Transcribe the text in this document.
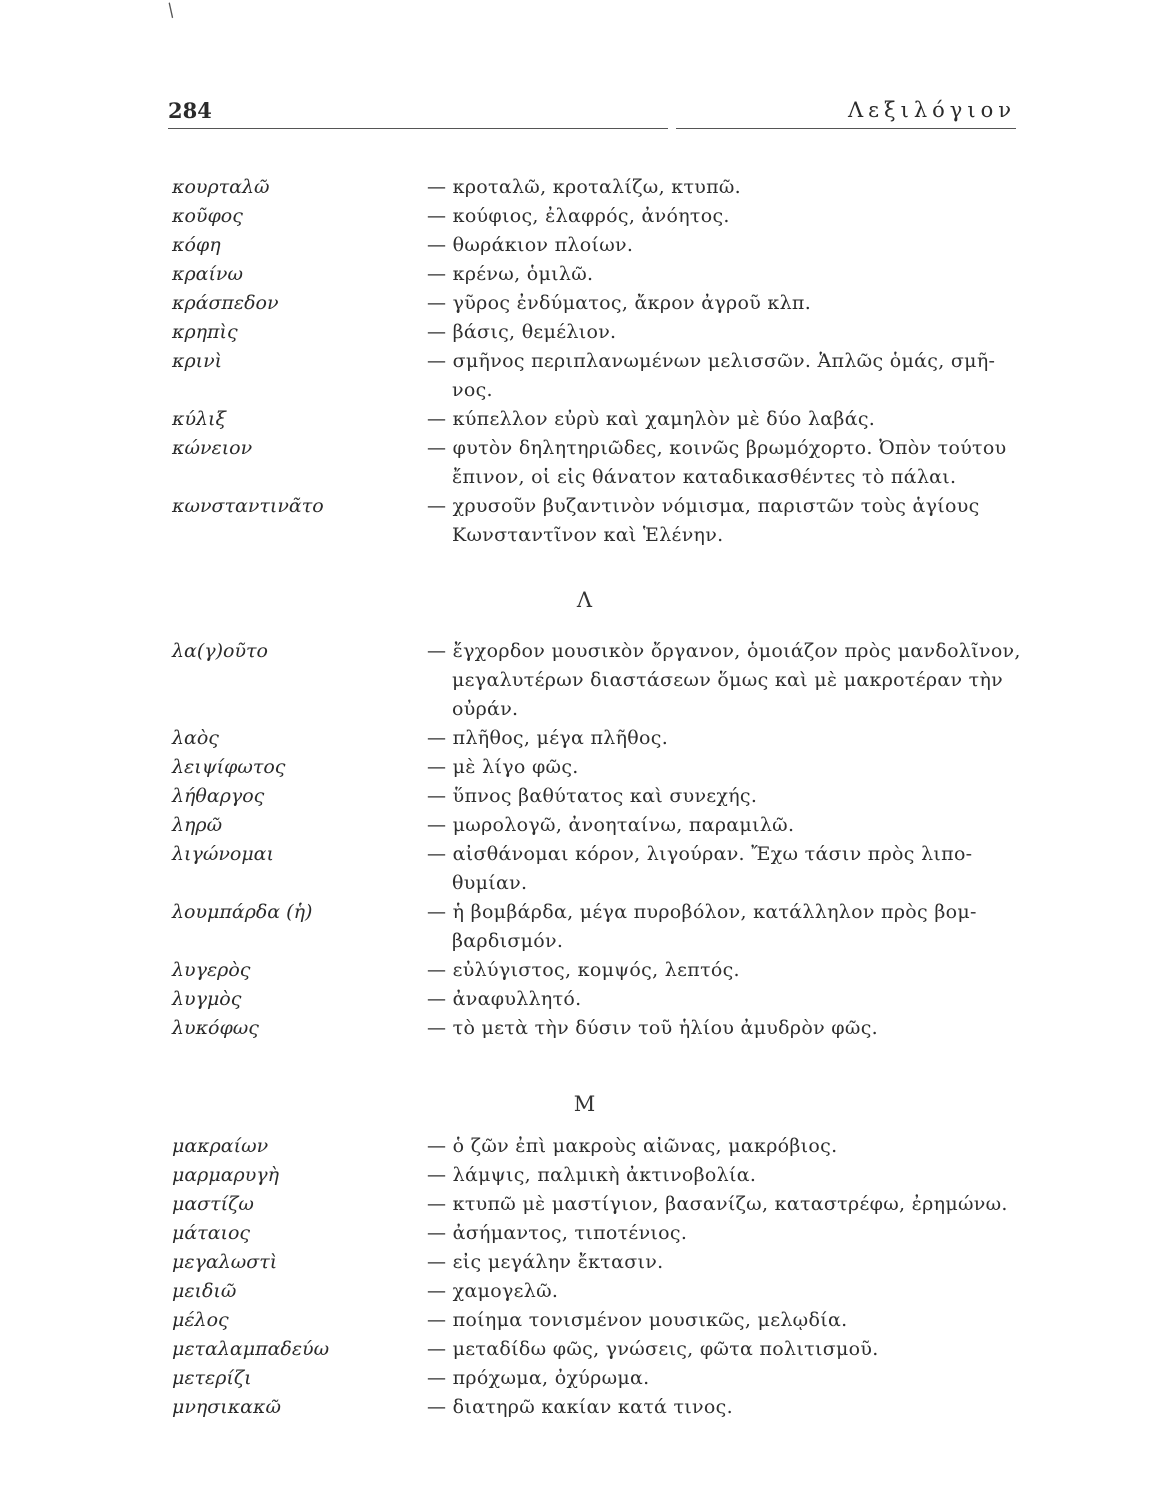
/
284	Λεξιλόγιον
κουρταλῶ	— κροταλῶ, κροταλίζω, κτυπῶ.
κοῦφος	— κούφιος, ἐλαφρός, ἀνόητος.
κόφη	— θωράκιον πλοίων.
κραίνω	— κρένω, ὁμιλῶ.
κράσπεδον	— γῦρος ἐνδύματος, ἄκρον ἀγροῦ κλπ.
κρηπὶς	— βάσις, θεμέλιον.
κρινὶ	— σμῆνος περιπλανωμένων μελισσῶν. Ἁπλῶς ὁμάς, σμῆ-
νος.
κύλιξ	— κύπελλον εὐρὺ καὶ χαμηλὸν μὲ δύο λαβάς.
κώνειον	— φυτὸν δηλητηριῶδες, κοινῶς βρωμόχορτο. Ὀπὸν τούτου
ἔπινον, οἱ εἰς θάνατον καταδικασθέντες τὸ πάλαι.
κωνσταντινᾶτο	— χρυσοῦν βυζαντινὸν νόμισμα, παριστῶν τοὺς ἁγίους
Κωνσταντῖνον καὶ Ἑλένην.
Λ
λα(γ)οῦτο	— ἔγχορδον μουσικὸν ὄργανον, ὁμοιάζον πρὸς μανδολῖνον,
μεγαλυτέρων διαστάσεων ὅμως καὶ μὲ μακροτέραν τὴν
οὐράν.
λαὸς	— πλῆθος, μέγα πλῆθος.
λειψίφωτος	— μὲ λίγο φῶς.
λήθαργος	— ὕπνος βαθύτατος καὶ συνεχής.
ληρῶ	— μωρολογῶ, ἀνοηταίνω, παραμιλῶ.
λιγώνομαι	— αἰσθάνομαι κόρον, λιγούραν. Ἔχω τάσιν πρὸς λιπο-
θυμίαν.
λουμπάρδα (ἡ)	— ἡ βομβάρδα, μέγα πυροβόλον, κατάλληλον πρὸς βομ-
βαρδισμόν.
λυγερὸς	— εὐλύγιστος, κομψός, λεπτός.
λυγμὸς	— ἀναφυλλητό.
λυκόφως	— τὸ μετὰ τὴν δύσιν τοῦ ἡλίου ἀμυδρὸν φῶς.
Μ
μακραίων	— ὁ ζῶν ἐπὶ μακροὺς αἰῶνας, μακρόβιος.
μαρμαρυγὴ	— λάμψις, παλμικὴ ἀκτινοβολία.
μαστίζω	— κτυπῶ μὲ μαστίγιον, βασανίζω, καταστρέφω, ἐρημώνω.
μάταιος	— ἀσήμαντος, τιποτένιος.
μεγαλωστὶ	— εἰς μεγάλην ἔκτασιν.
μειδιῶ	— χαμογελῶ.
μέλος	— ποίημα τονισμένον μουσικῶς, μελῳδία.
μεταλαμπαδεύω	— μεταδίδω φῶς, γνώσεις, φῶτα πολιτισμοῦ.
μετερίζι	— πρόχωμα, ὀχύρωμα.
μνησικακῶ	— διατηρῶ κακίαν κατά τινος.
